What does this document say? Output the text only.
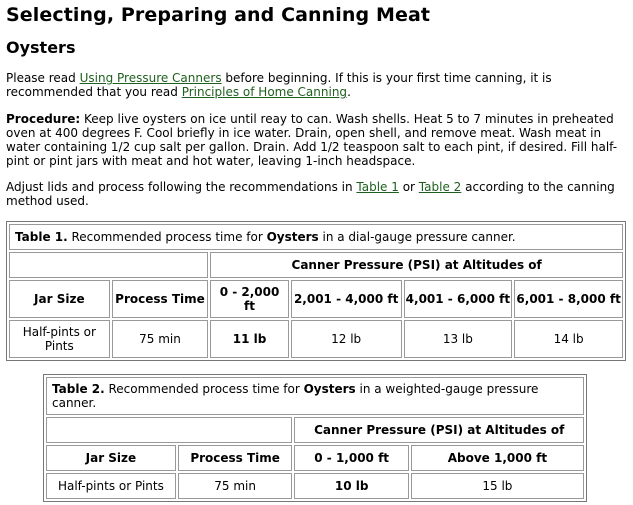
Selecting, Preparing and Canning Meat
Oysters

Please read Using Pressure Canners before beginning. If this is your first time canning, it is recommended that you read Principles of Home Canning.

Procedure: Keep live oysters on ice until reay to can. Wash shells. Heat 5 to 7 minutes in preheated oven at 400 degrees F. Cool briefly in ice water. Drain, open shell, and remove meat. Wash meat in water containing 1/2 cup salt per gallon. Drain. Add 1/2 teaspoon salt to each pint, if desired. Fill half-pint or pint jars with meat and hot water, leaving 1-inch headspace.

Adjust lids and process following the recommendations in Table 1 or Table 2 according to the canning method used.

Table 1. Recommended process time for Oysters in a dial-gauge pressure canner.					
		Canner Pressure (PSI) at Altitudes of			
Jar Size	Process Time	0 - 2,000 ft	2,001 - 4,000 ft	4,001 - 6,000 ft	6,001 - 8,000 ft
Half-pints or Pints	75 min	11 lb	12 lb	13 lb	14 lb
Table 2. Recommended process time for Oysters in a weighted-gauge pressure canner.			
		Canner Pressure (PSI) at Altitudes of	
Jar Size	Process Time	0 - 1,000 ft	Above 1,000 ft
Half-pints or Pints	75 min	10 lb	15 lb
